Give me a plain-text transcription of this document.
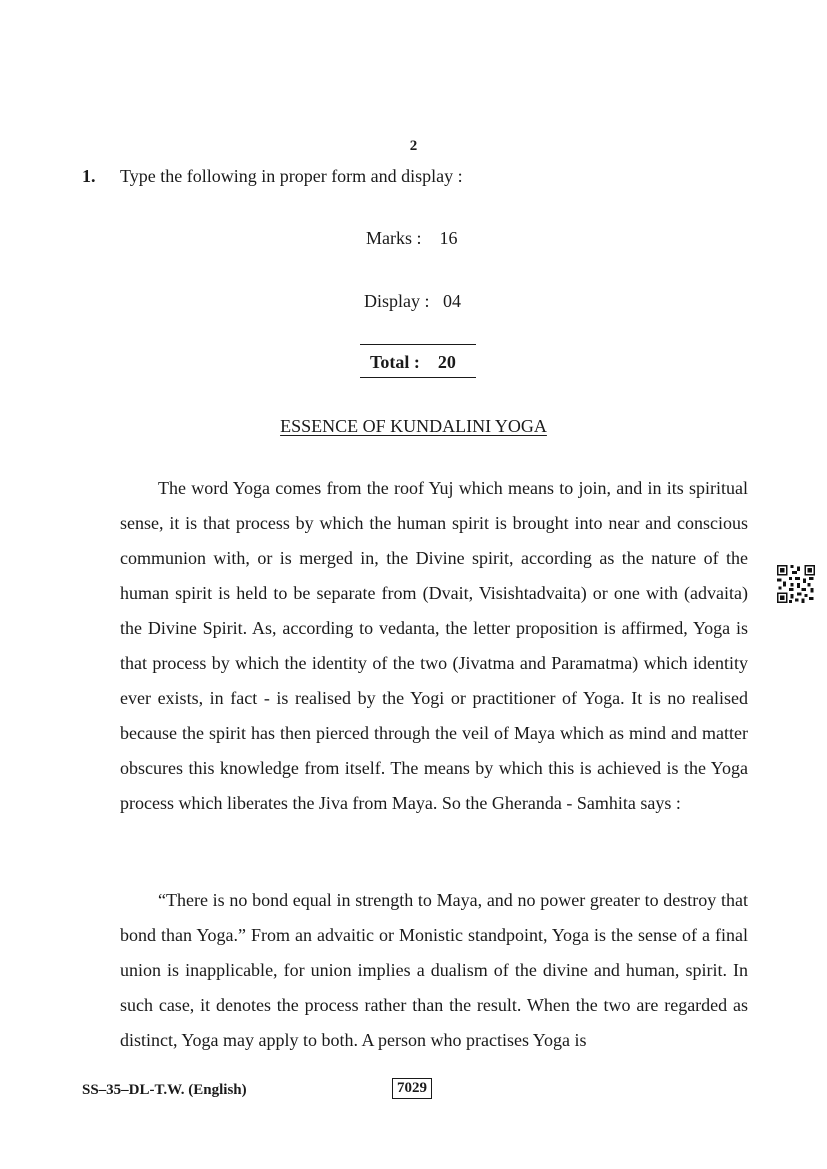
2
1. Type the following in proper form and display :
Marks :    16
Display :   04
Total :    20
ESSENCE OF KUNDALINI YOGA

The word Yoga comes from the roof Yuj which means to join, and in its spiritual sense, it is that process by which the human spirit is brought into near and conscious communion with, or is merged in, the Divine spirit, according as the nature of the human spirit is held to be separate from (Dvait, Visishtadvaita) or one with (advaita) the Divine Spirit. As, according to vedanta, the letter proposition is affirmed, Yoga is that process by which the identity of the two (Jivatma and Paramatma) which identity ever exists, in fact - is realised by the Yogi or practitioner of Yoga. It is no realised because the spirit has then pierced through the veil of Maya which as mind and matter obscures this knowledge from itself. The means by which this is achieved is the Yoga process which liberates the Jiva from Maya. So the Gheranda - Samhita says :

“There is no bond equal in strength to Maya, and no power greater to destroy that bond than Yoga.” From an advaitic or Monistic standpoint, Yoga is the sense of a final union is inapplicable, for union implies a dualism of the divine and human, spirit. In such case, it denotes the process rather than the result. When the two are regarded as distinct, Yoga may apply to both. A person who practises Yoga is

SS–35–DL-T.W. (English)	7029
